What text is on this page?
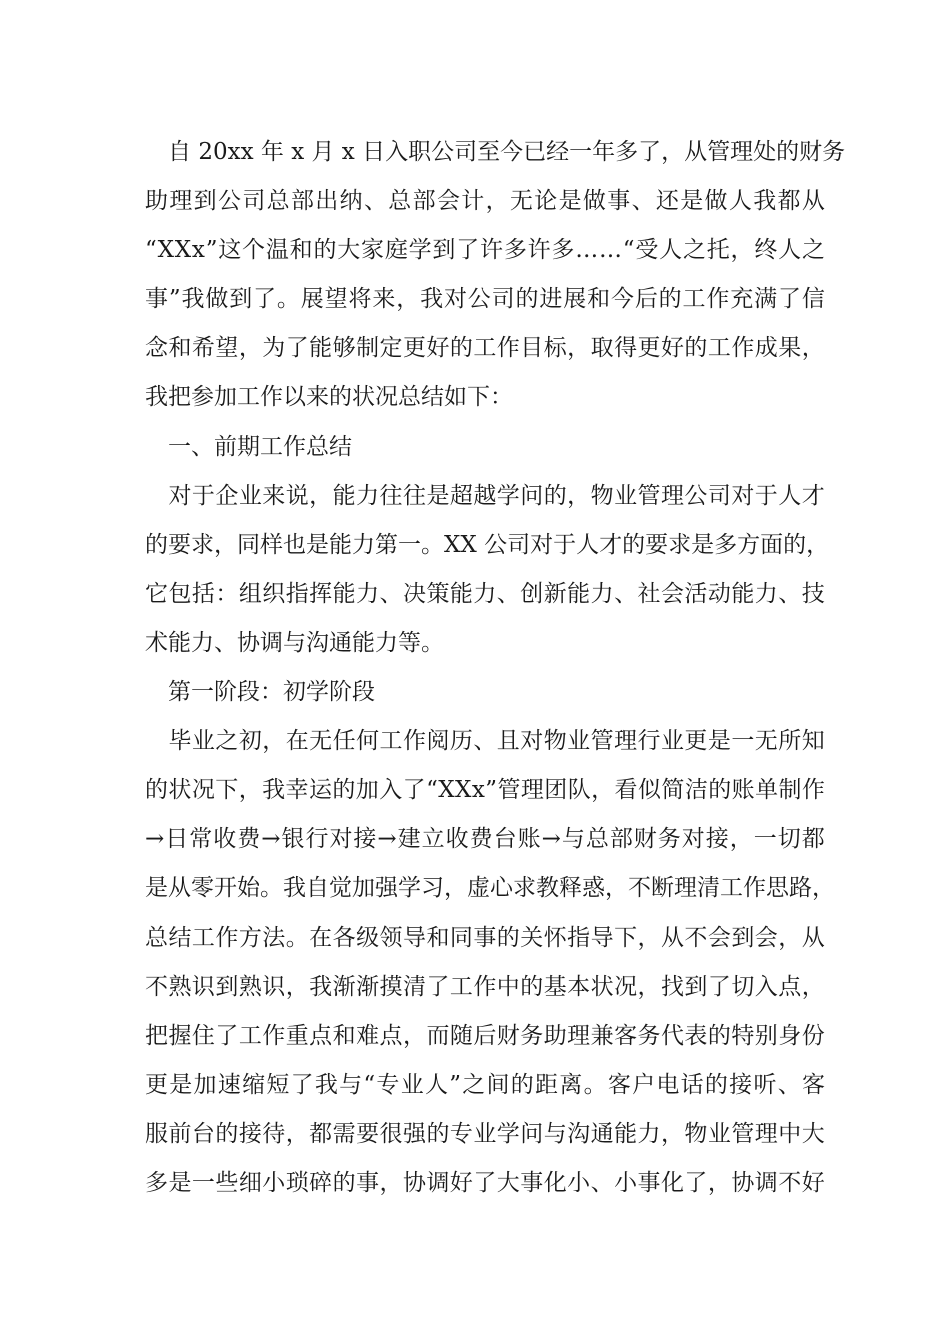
自
2 0 x x
年
x
月
x
日 入 职 公 司 至 今 已 经 一 年 多 了 ， 从 管 理 处 的 财 务
助 理 到 公 司 总 部 出 纳 、 总 部 会 计 ， 无 论 是 做 事 、 还 是 做 人 我 都 从
“ X X x ” 这 个 温 和 的 大 家 庭 学 到 了 许 多 许 多 … … “ 受 人 之 托 ， 终 人 之
事 ” 我 做 到 了 。 展 望 将 来 ， 我 对 公 司 的 进 展 和 今 后 的 工 作 充 满 了 信
念 和 希 望 ， 为 了 能 够 制 定 更 好 的 工 作 目 标 ， 取 得 更 好 的 工 作 成 果 ，
我把参加工作以来的状况总结如下：
　一、前期工作总结

对 于 企 业 来 说 ， 能 力 往 往 是 超 越 学 问 的 ， 物 业 管 理 公 司 对 于 人 才
的 要 求 ， 同 样 也 是 能 力 第 一 。 X X
公 司 对 于 人 才 的 要 求 是 多 方 面 的 ，
它 包 括 ： 组 织 指 挥 能 力 、 决 策 能 力 、 创 新 能 力 、 社 会 活 动 能 力 、 技
术能力、协调与沟通能力等。
　第一阶段：初学阶段

毕 业 之 初 ， 在 无 任 何 工 作 阅 历 、 且 对 物 业 管 理 行 业 更 是 一 无 所 知
的 状 况 下 ， 我 幸 运 的 加 入 了 “ X X x ” 管 理 团 队 ， 看 似 简 洁 的 账 单 制 作
→ 日 常 收 费 → 银 行 对 接 → 建 立 收 费 台 账 → 与 总 部 财 务 对 接 ， 一 切 都
是 从 零 开 始 。 我 自 觉 加 强 学 习 ， 虚 心 求 教 释 惑 ， 不 断 理 清 工 作 思 路 ，
总 结 工 作 方 法 。 在 各 级 领 导 和 同 事 的 关 怀 指 导 下 ， 从 不 会 到 会 ， 从
不 熟 识 到 熟 识 ， 我 渐 渐 摸 清 了 工 作 中 的 基 本 状 况 ， 找 到 了 切 入 点 ，
把 握 住 了 工 作 重 点 和 难 点 ， 而 随 后 财 务 助 理 兼 客 务 代 表 的 特 别 身 份
更 是 加 速 缩 短 了 我 与 “ 专 业 人 ” 之 间 的 距 离 。 客 户 电 话 的 接 听 、 客
服 前 台 的 接 待 ， 都 需 要 很 强 的 专 业 学 问 与 沟 通 能 力 ， 物 业 管 理 中 大
多 是 一 些 细 小 琐 碎 的 事 ， 协 调 好 了 大 事 化 小 、 小 事 化 了 ， 协 调 不 好
